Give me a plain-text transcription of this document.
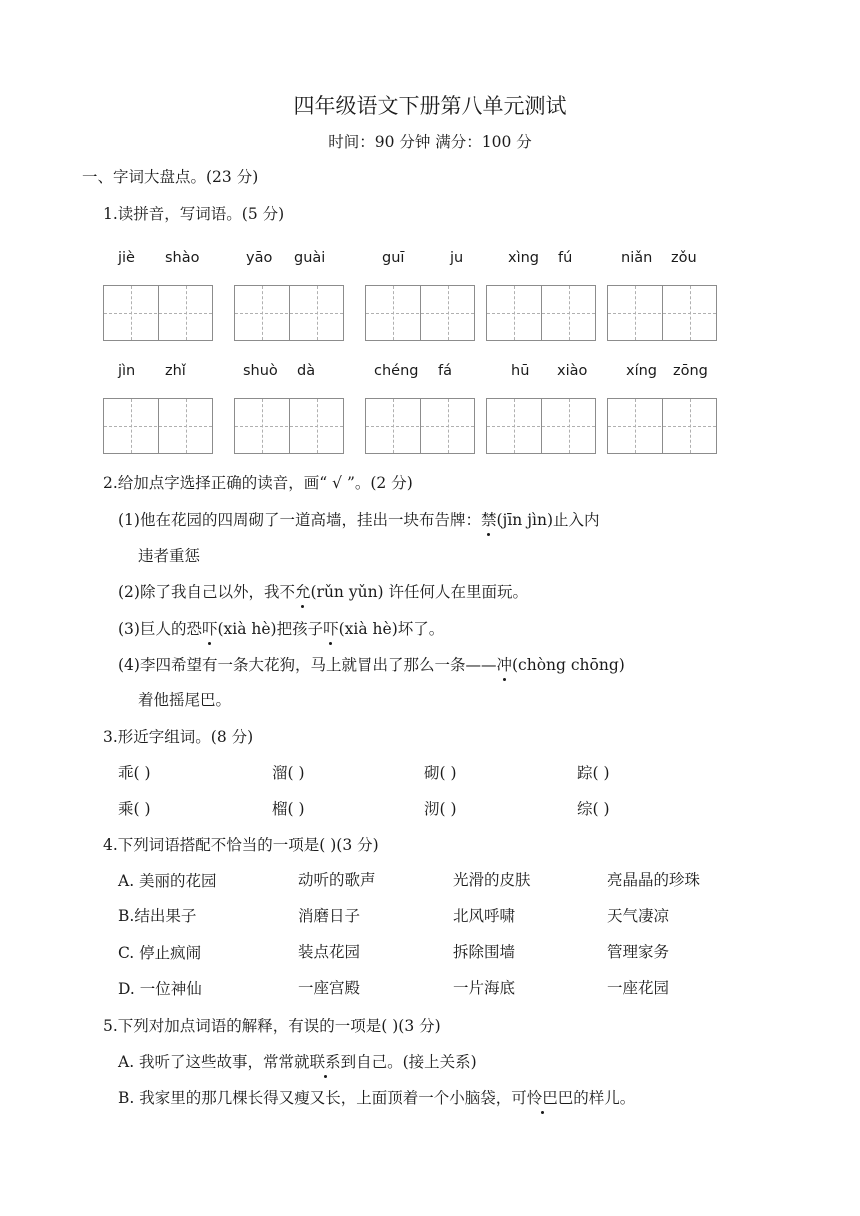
四年级语文下册第八单元测试
时间：90 分钟 满分：100 分
一、字词大盘点。(23 分)
1.读拼音，写词语。(5 分)
jiè shào	yāo guài	guī	ju	xìng fú	niǎn zǒu
jìn zhǐ	shuò dà	chéng fá	hū xiào	xíng zōng
2.给加点字选择正确的读音，画“ √ ”。(2 分)
(1)他在花园的四周砌了一道高墙，挂出一块布告牌：禁(jīn jìn)止入内
违者重惩
(2)除了我自己以外，我不允(rǔn yǔn) 许任何人在里面玩。
(3)巨人的恐吓(xià hè)把孩子吓(xià hè)坏了。
(4)李四希望有一条大花狗，马上就冒出了那么一条——冲(chòng chōng)
着他摇尾巴。
3.形近字组词。(8 分)
乖( )	溜( )	砌( )	踪( )
乘( )	榴( )	沏( )	综( )
4.下列词语搭配不恰当的一项是( )(3 分)
A. 美丽的花园	动听的歌声	光滑的皮肤	亮晶晶的珍珠
B.结出果子	消磨日子	北风呼啸	天气凄凉
C. 停止疯闹	装点花园	拆除围墙	管理家务
D. 一位神仙	一座宫殿	一片海底	一座花园
5.下列对加点词语的解释，有误的一项是( )(3 分)
A. 我听了这些故事，常常就联系到自己。(接上关系)
B. 我家里的那几棵长得又瘦又长，上面顶着一个小脑袋，可怜巴巴的样儿。
